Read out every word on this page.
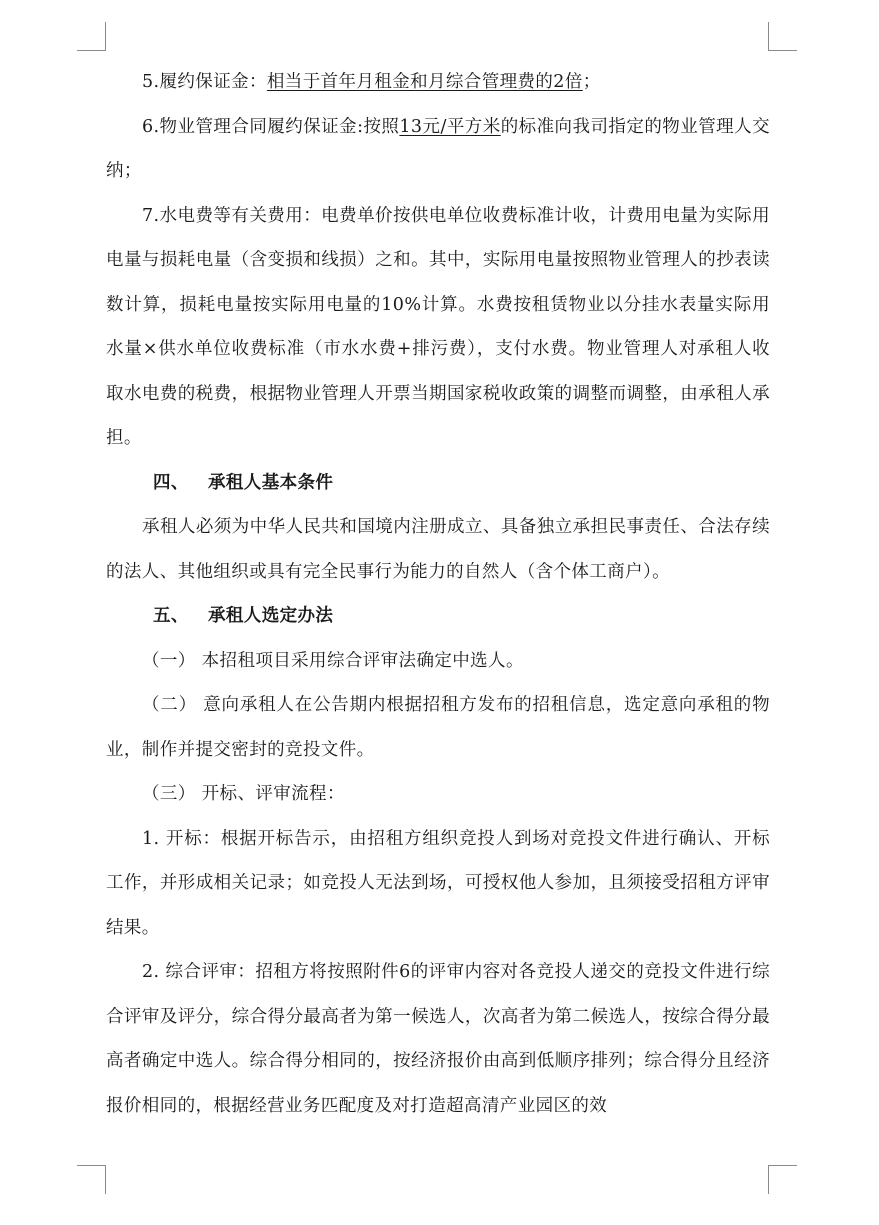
5.履约保证金：相当于首年月租金和月综合管理费的2倍；

6.物业管理合同履约保证金:按照13元/平方米的标准向我司指定的物业管理人交纳；

7.水电费等有关费用：电费单价按供电单位收费标准计收，计费用电量为实际用电量与损耗电量（含变损和线损）之和。其中，实际用电量按照物业管理人的抄表读数计算，损耗电量按实际用电量的10%计算。水费按租赁物业以分挂水表量实际用水量×供水单位收费标准（市水水费+排污费），支付水费。物业管理人对承租人收取水电费的税费，根据物业管理人开票当期国家税收政策的调整而调整，由承租人承担。

四、 承租人基本条件

承租人必须为中华人民共和国境内注册成立、具备独立承担民事责任、合法存续的法人、其他组织或具有完全民事行为能力的自然人（含个体工商户）。

五、 承租人选定办法

（一） 本招租项目采用综合评审法确定中选人。

（二） 意向承租人在公告期内根据招租方发布的招租信息，选定意向承租的物业，制作并提交密封的竞投文件。

（三） 开标、评审流程：

1. 开标：根据开标告示，由招租方组织竞投人到场对竞投文件进行确认、开标工作，并形成相关记录；如竞投人无法到场，可授权他人参加，且须接受招租方评审结果。

2. 综合评审：招租方将按照附件6的评审内容对各竞投人递交的竞投文件进行综合评审及评分，综合得分最高者为第一候选人，次高者为第二候选人，按综合得分最高者确定中选人。综合得分相同的，按经济报价由高到低顺序排列；综合得分且经济报价相同的，根据经营业务匹配度及对打造超高清产业园区的效
